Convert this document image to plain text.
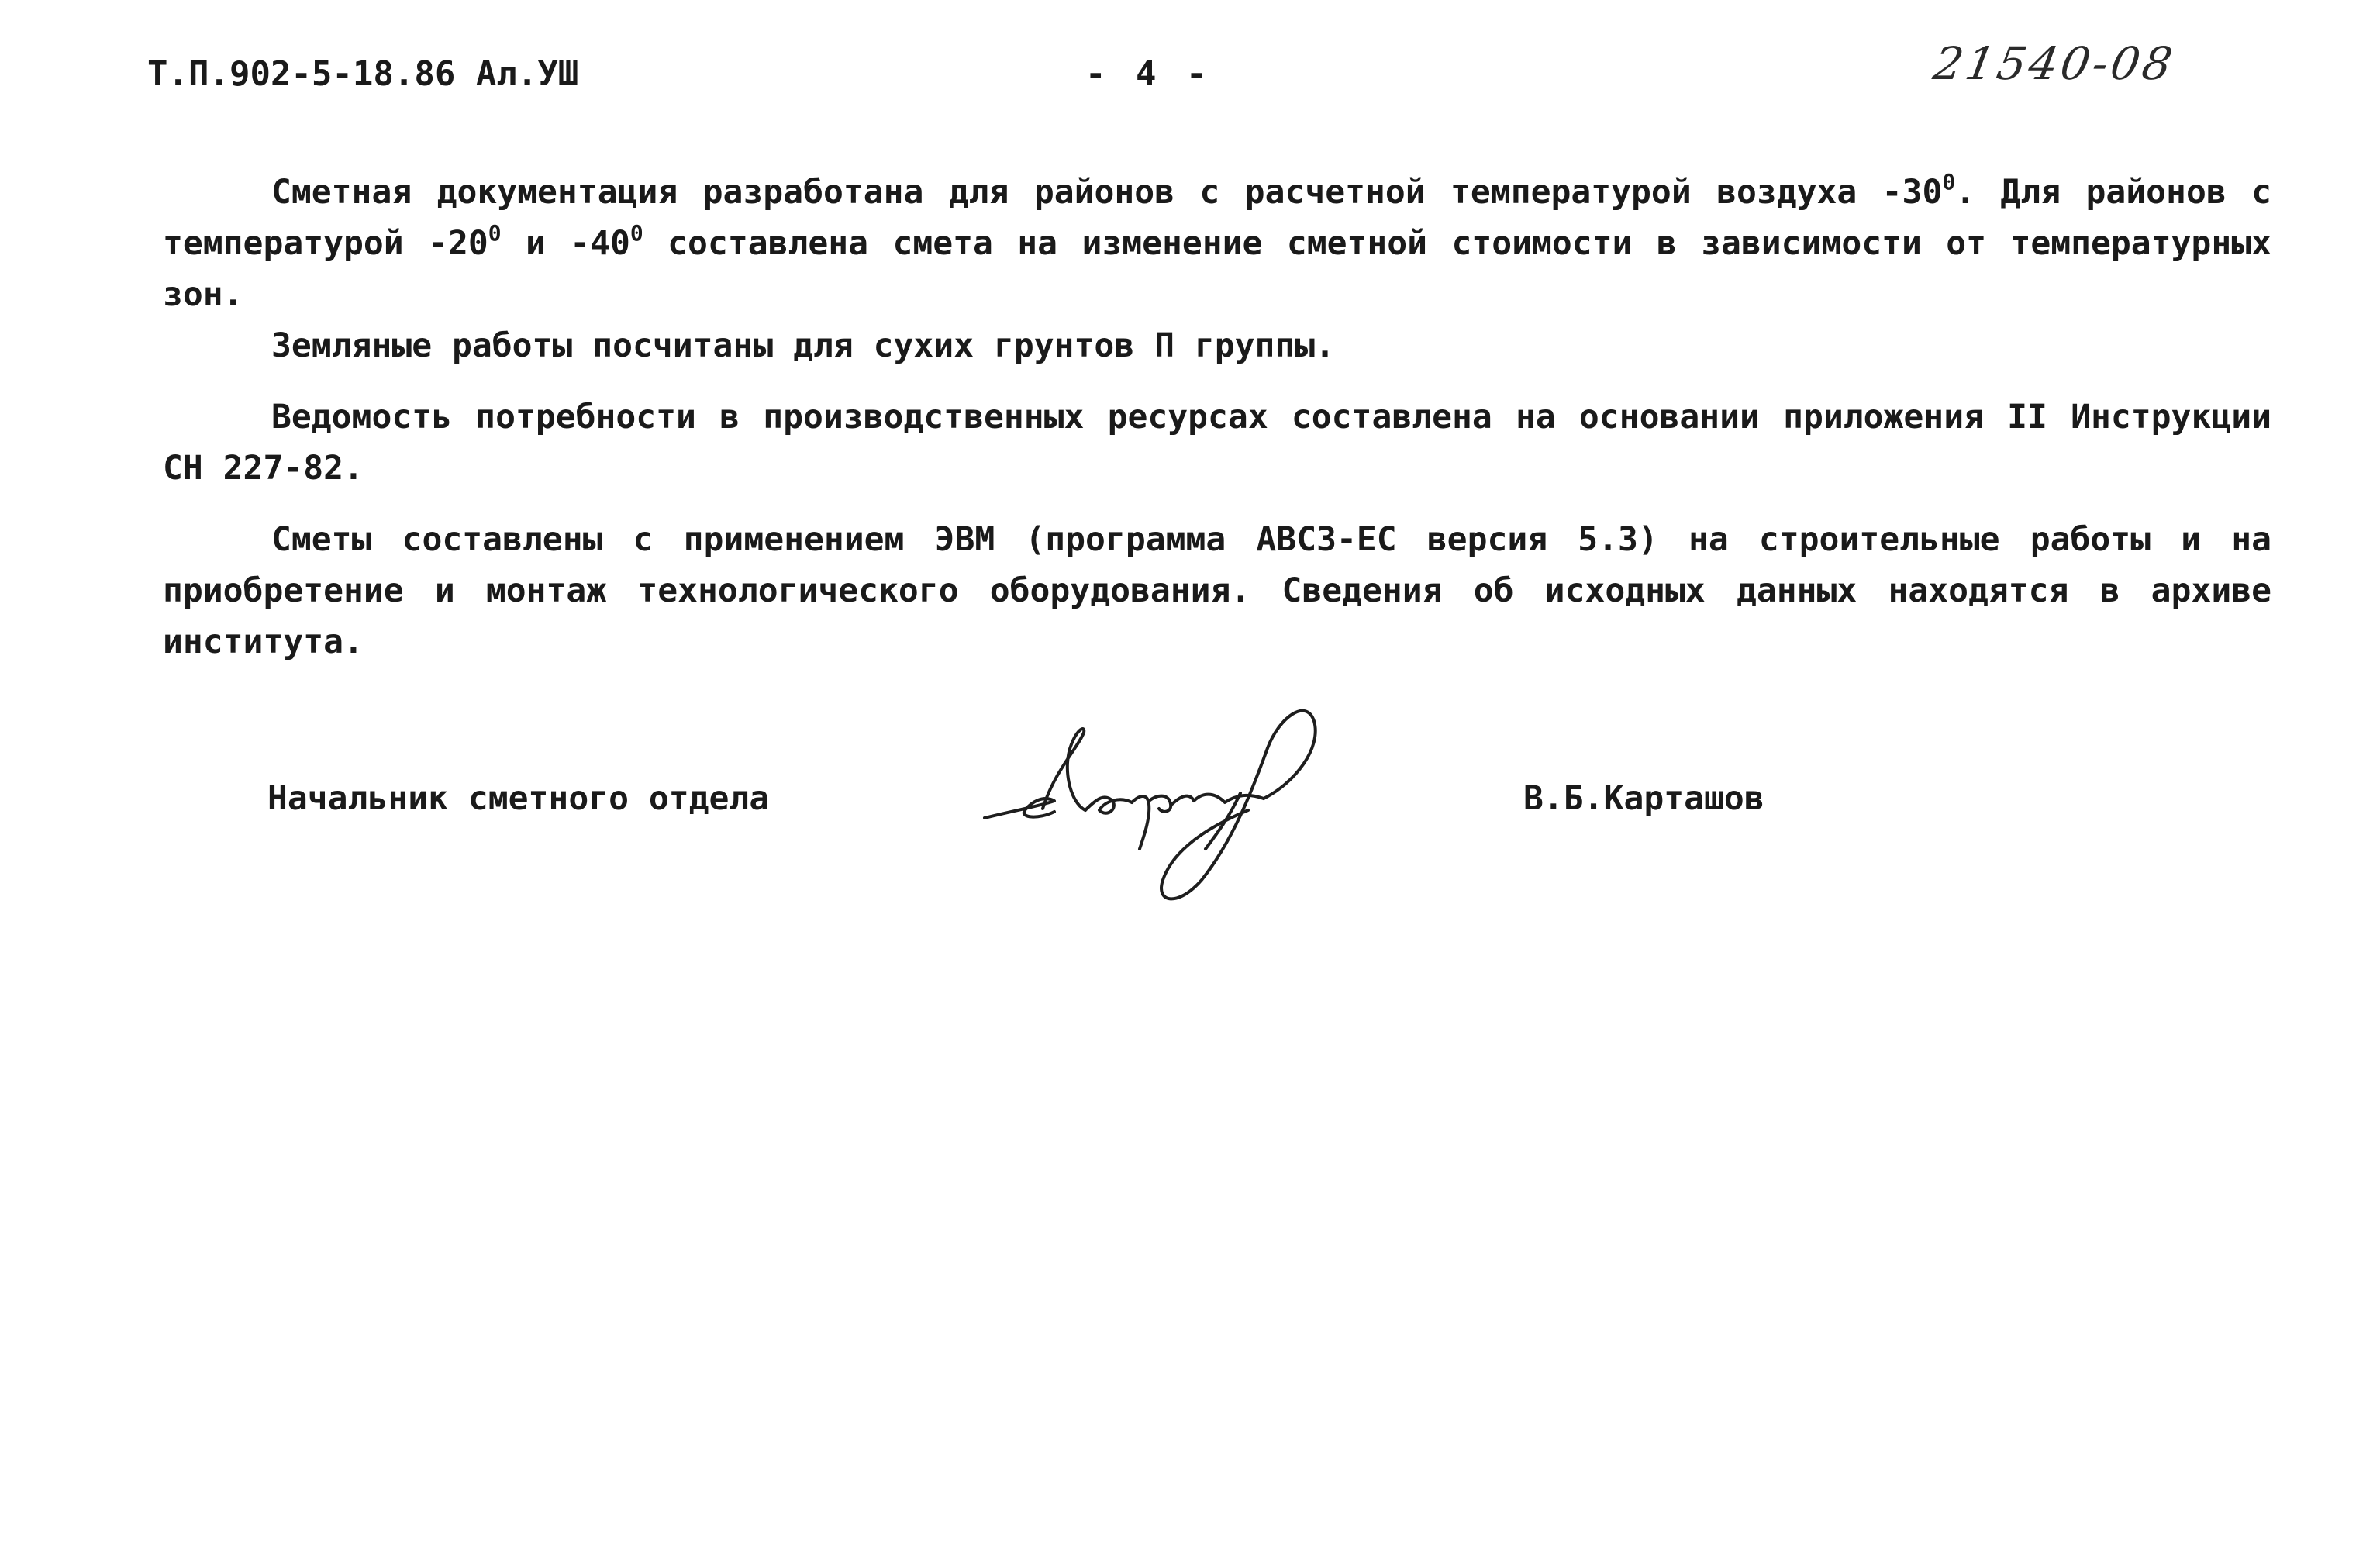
Т.П.902-5-18.86 Ал.УШ	- 4 -	21540-08

Сметная документация разработана для районов с расчетной температурой воздуха $-30^0$. Для районов с температурой $-20^0$ и $-40^0$ составлена смета на изменение сметной стоимости в зависимости от температурных зон.

Земляные работы посчитаны для сухих грунтов П группы.

Ведомость потребности в производственных ресурсах составлена на основании приложения II Инструкции СН 227-82.

Сметы составлены с применением ЭВМ (программа АВСЗ-ЕС версия 5.3) на строительные работы и на приобретение и монтаж технологического оборудования. Сведения об исходных данных находятся в архиве института.

Начальник сметного отдела	В.Б.Карташов
